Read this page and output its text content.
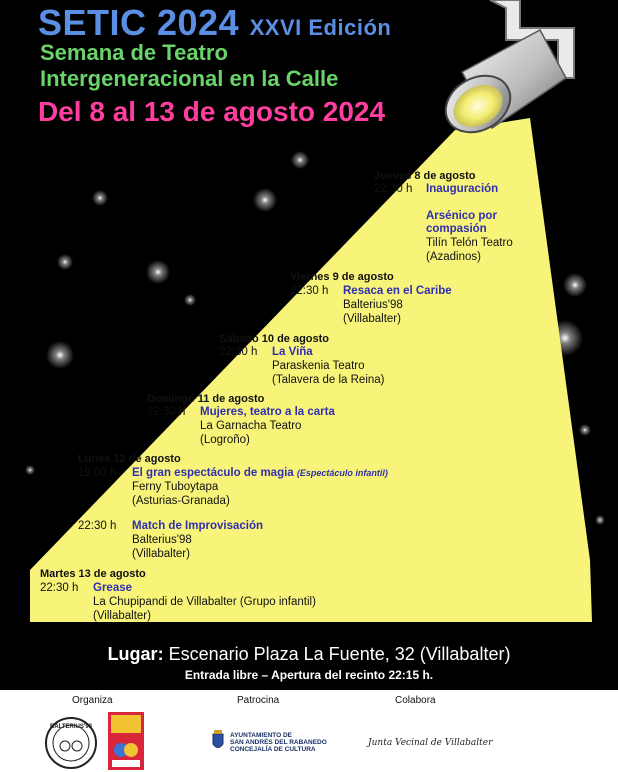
SETIC 2024 XXVI Edición
Semana de Teatro
Intergeneracional en la Calle
Del 8 al 13 de agosto 2024
Jueves 8 de agosto
22:30 h Inauguración
Arsénico por
compasión
Tilín Telón Teatro
(Azadinos)
Viernes 9 de agosto
22:30 h Resaca en el Caribe
Balterius'98
(Villabalter)
Sábado 10 de agosto
22:30 h La Viña
Paraskenia Teatro
(Talavera de la Reina)
Domingo 11 de agosto
22:30 h Mujeres, teatro a la carta
La Garnacha Teatro
(Logroño)
Lunes 12 de agosto
19:00 h El gran espectáculo de magia (Espectáculo infantil)
Ferny Tuboytapa
(Asturias-Granada)
22:30 h Match de Improvisación
Balterius'98
(Villabalter)
Martes 13 de agosto
22:30 h Grease
La Chupipandi de Villabalter (Grupo infantil)
(Villabalter)
Lugar: Escenario Plaza La Fuente, 32 (Villabalter)
Entrada libre – Apertura del recinto 22:15 h.
Organiza	Patrocina	Colabora
BALTERIUS'98
AYUNTAMIENTO DE
SAN ANDRÉS DEL RABANEDO
CONCEJALÍA DE CULTURA
Junta Vecinal de Villabalter
